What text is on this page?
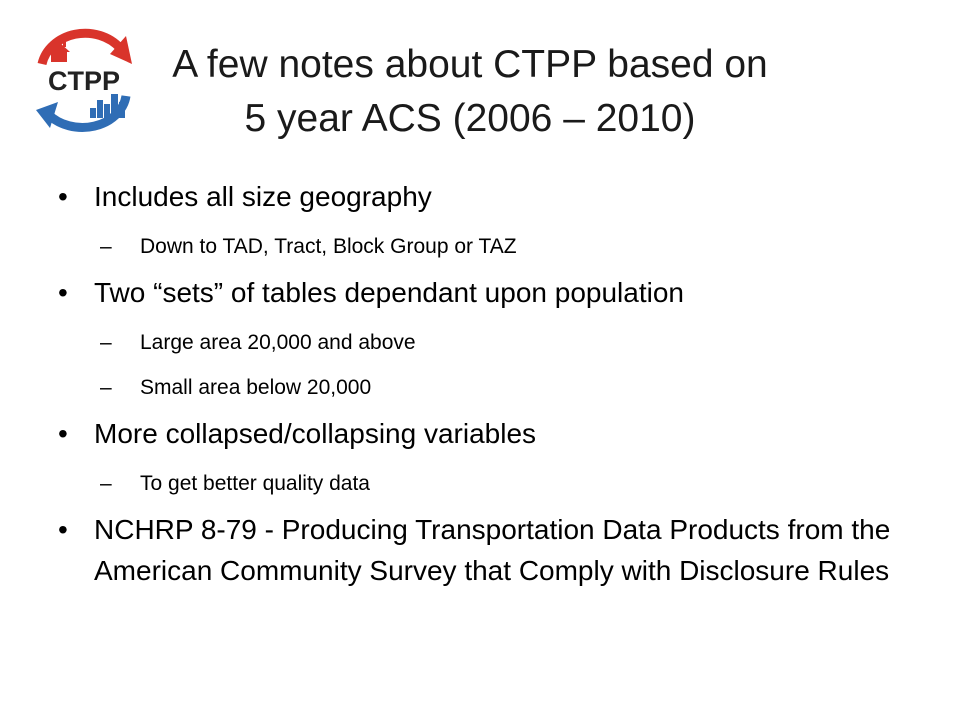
CTPP	A few notes about CTPP based on
5 year ACS (2006 – 2010)
• Includes all size geography
– Down to TAD, Tract, Block Group or TAZ
• Two “sets” of tables dependant upon population
– Large area 20,000 and above
– Small area below 20,000
• More collapsed/collapsing variables
– To get better quality data
• NCHRP 8-79 - Producing Transportation Data Products from the American Community Survey that Comply with Disclosure Rules
